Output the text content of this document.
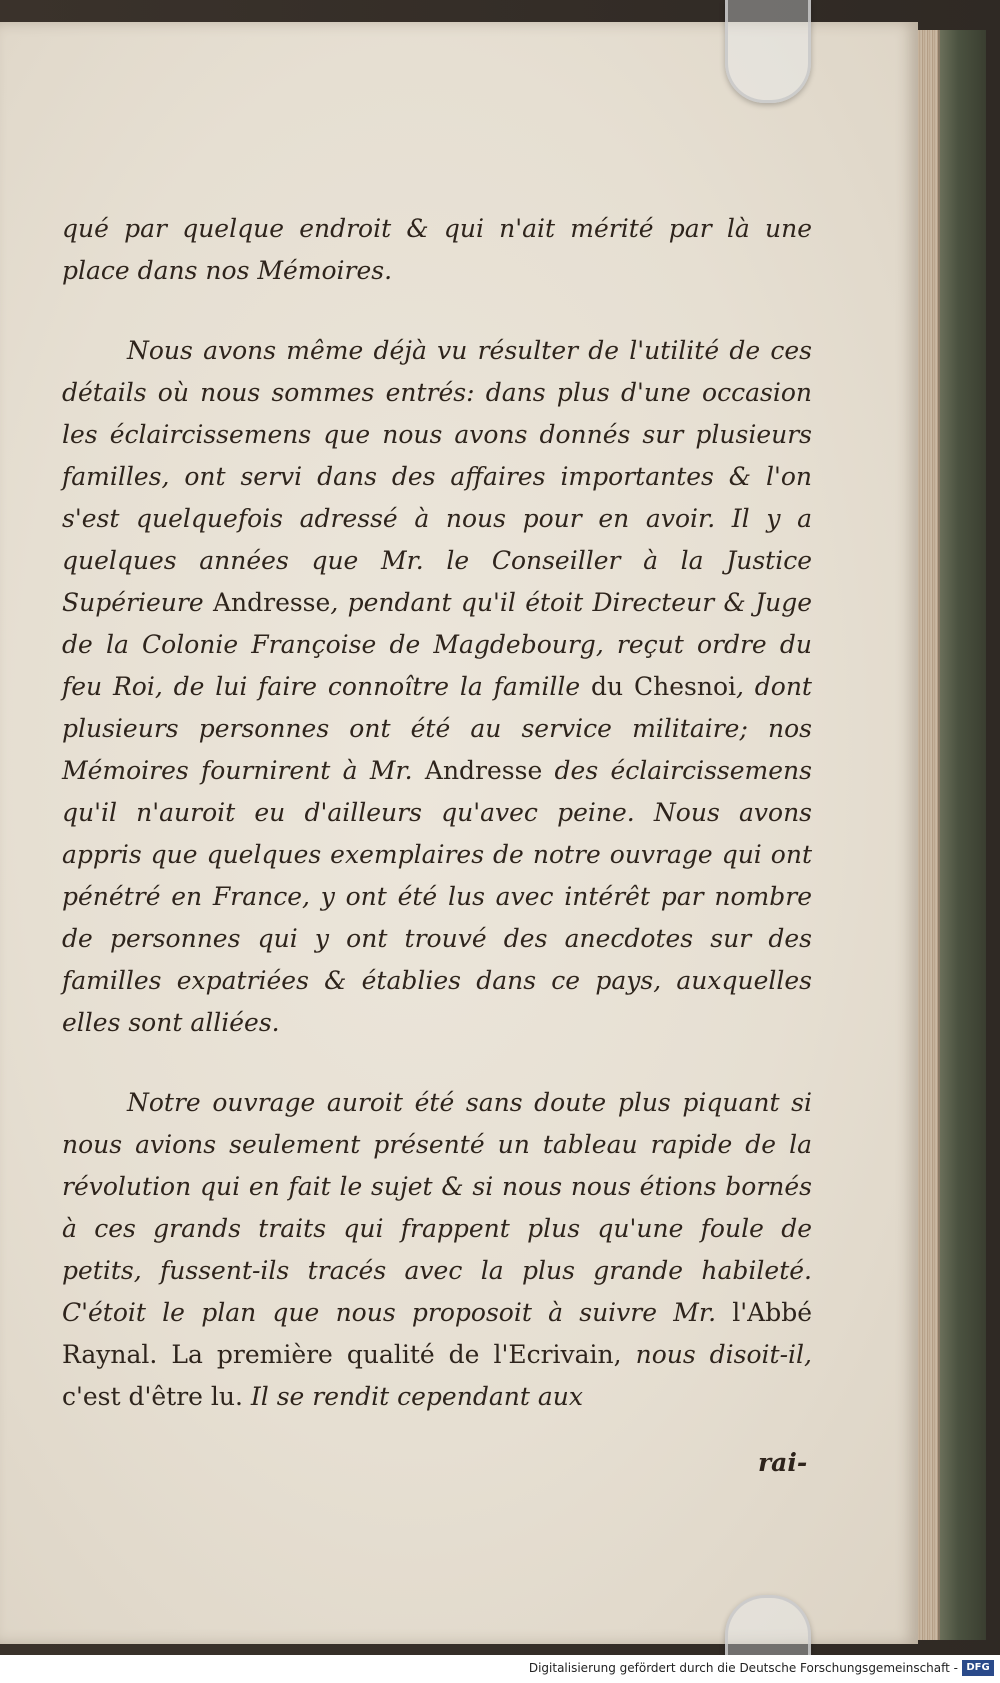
qué par quelque endroit & qui n'ait mérité par là une place dans nos Mémoires.

Nous avons même déjà vu résulter de l'utilité de ces détails où nous sommes entrés: dans plus d'une occasion les éclaircissemens que nous avons donnés sur plusieurs familles, ont servi dans des affaires importantes & l'on s'est quelquefois adressé à nous pour en avoir. Il y a quelques années que Mr. le Conseiller à la Justice Supérieure Andresse, pendant qu'il étoit Directeur & Juge de la Colonie Françoise de Magdebourg, reçut ordre du feu Roi, de lui faire connoître la famille du Chesnoi, dont plusieurs personnes ont été au service militaire; nos Mémoires fournirent à Mr. Andresse des éclaircissemens qu'il n'auroit eu d'ailleurs qu'avec peine. Nous avons appris que quelques exemplaires de notre ouvrage qui ont pénétré en France, y ont été lus avec intérêt par nombre de personnes qui y ont trouvé des anecdotes sur des familles expatriées & établies dans ce pays, auxquelles elles sont alliées.

Notre ouvrage auroit été sans doute plus piquant si nous avions seulement présenté un tableau rapide de la révolution qui en fait le sujet & si nous nous étions bornés à ces grands traits qui frappent plus qu'une foule de petits, fussent-ils tracés avec la plus grande habileté. C'étoit le plan que nous proposoit à suivre Mr. l'Abbé Raynal. La première qualité de l'Ecrivain, nous disoit-il, c'est d'être lu. Il se rendit cependant aux

rai-
Digitalisierung gefördert durch die Deutsche Forschungsgemeinschaft - DFG
